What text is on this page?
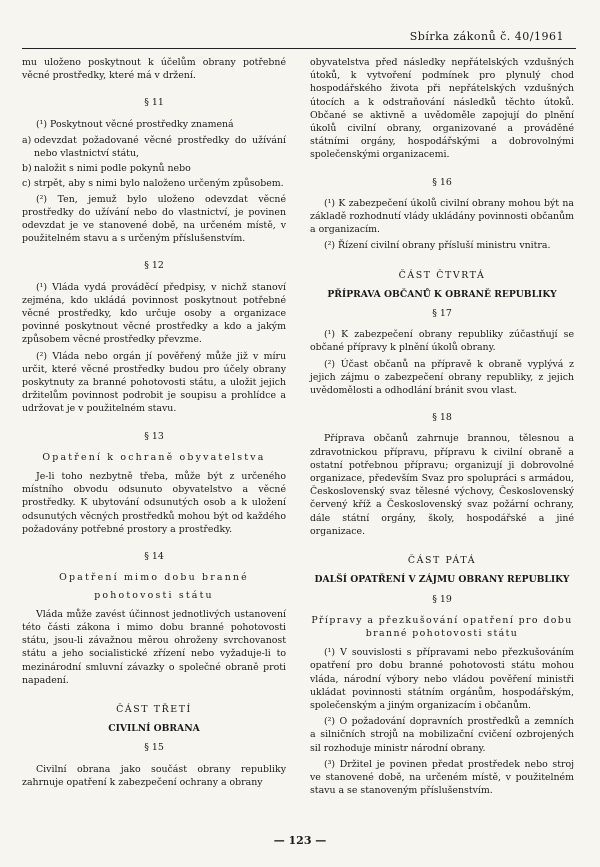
Sbírka zákonů č. 40/1961

mu uloženo poskytnout k účelům obrany potřebné věcné prostředky, které má v držení.

§ 11

(¹) Poskytnout věcné prostředky znamená

a) odevzdat požadované věcné prostředky do užívání nebo vlastnictví státu,
b) naložit s nimi podle pokynů nebo
c) strpět, aby s nimi bylo naloženo určeným způsobem.

(²) Ten, jemuž bylo uloženo odevzdat věcné prostředky do užívání nebo do vlastnictví, je povinen odevzdat je ve stanovené době, na určeném místě, v použitelném stavu a s určeným příslušenstvím.

§ 12

(¹) Vláda vydá prováděcí předpisy, v nichž stanoví zejména, kdo ukládá povinnost poskytnout potřebné věcné prostředky, kdo určuje osoby a organizace povinné poskytnout věcné prostředky a kdo a jakým způsobem věcné prostředky převzme.

(²) Vláda nebo orgán jí pověřený může již v míru určit, které věcné prostředky budou pro účely obrany poskytnuty za branné pohotovosti státu, a uložit jejich držitelům povinnost podrobit je soupisu a prohlídce a udržovat je v použitelném stavu.

§ 13
Opatření k ochraně obyvatelstva

Je-li toho nezbytně třeba, může být z určeného místního obvodu odsunuto obyvatelstvo a věcné prostředky. K ubytování odsunutých osob a k uložení odsunutých věcných prostředků mohou být od každého požadovány potřebné prostory a prostředky.

§ 14
Opatření mimo dobu branné
pohotovosti státu

Vláda může zavést účinnost jednotlivých ustanovení této části zákona i mimo dobu branné pohotovosti státu, jsou-li závažnou měrou ohroženy svrchovanost státu a jeho socialistické zřízení nebo vyžaduje-li to mezinárodní smluvní závazky o společné obraně proti napadení.

ČÁST TŘETÍ
CIVILNÍ OBRANA
§ 15

Civilní obrana jako součást obrany republiky zahrnuje opatření k zabezpečení ochrany a obrany

obyvatelstva před následky nepřátelských vzdušných útoků, k vytvoření podmínek pro plynulý chod hospodářského života při nepřátelských vzdušných útocích a k odstraňování následků těchto útoků. Občané se aktivně a uvědoměle zapojují do plnění úkolů civilní obrany, organizované a prováděné státními orgány, hospodářskými a dobrovolnými společenskými organizacemi.

§ 16

(¹) K zabezpečení úkolů civilní obrany mohou být na základě rozhodnutí vlády ukládány povinnosti občanům a organizacím.

(²) Řízení civilní obrany přísluší ministru vnitra.

ČÁST ČTVRTÁ
PŘÍPRAVA OBČANŮ K OBRANĚ REPUBLIKY
§ 17

(¹) K zabezpečení obrany republiky zúčastňují se občané přípravy k plnění úkolů obrany.

(²) Účast občanů na přípravě k obraně vyplývá z jejich zájmu o zabezpečení obrany republiky, z jejich uvědomělosti a odhodlání bránit svou vlast.

§ 18

Příprava občanů zahrnuje brannou, tělesnou a zdravotnickou přípravu, přípravu k civilní obraně a ostatní potřebnou přípravu; organizují ji dobrovolné organizace, především Svaz pro spolupráci s armádou, Československý svaz tělesné výchovy, Československý červený kříž a Československý svaz požární ochrany, dále státní orgány, školy, hospodářské a jiné organizace.

ČÁST PÁTÁ
DALŠÍ OPATŘENÍ V ZÁJMU OBRANY REPUBLIKY
§ 19
Přípravy a přezkušování opatření pro dobu branné pohotovosti státu

(¹) V souvislosti s přípravami nebo přezkušováním opatření pro dobu branné pohotovosti státu mohou vláda, národní výbory nebo vládou pověření ministři ukládat povinnosti státním orgánům, hospodářským, společenským a jiným organizacím i občanům.

(²) O požadování dopravních prostředků a zemních a silničních strojů na mobilizační cvičení ozbrojených sil rozhoduje ministr národní obrany.

(³) Držitel je povinen předat prostředek nebo stroj ve stanovené době, na určeném místě, v použitelném stavu a se stanoveným příslušenstvím.

— 123 —
